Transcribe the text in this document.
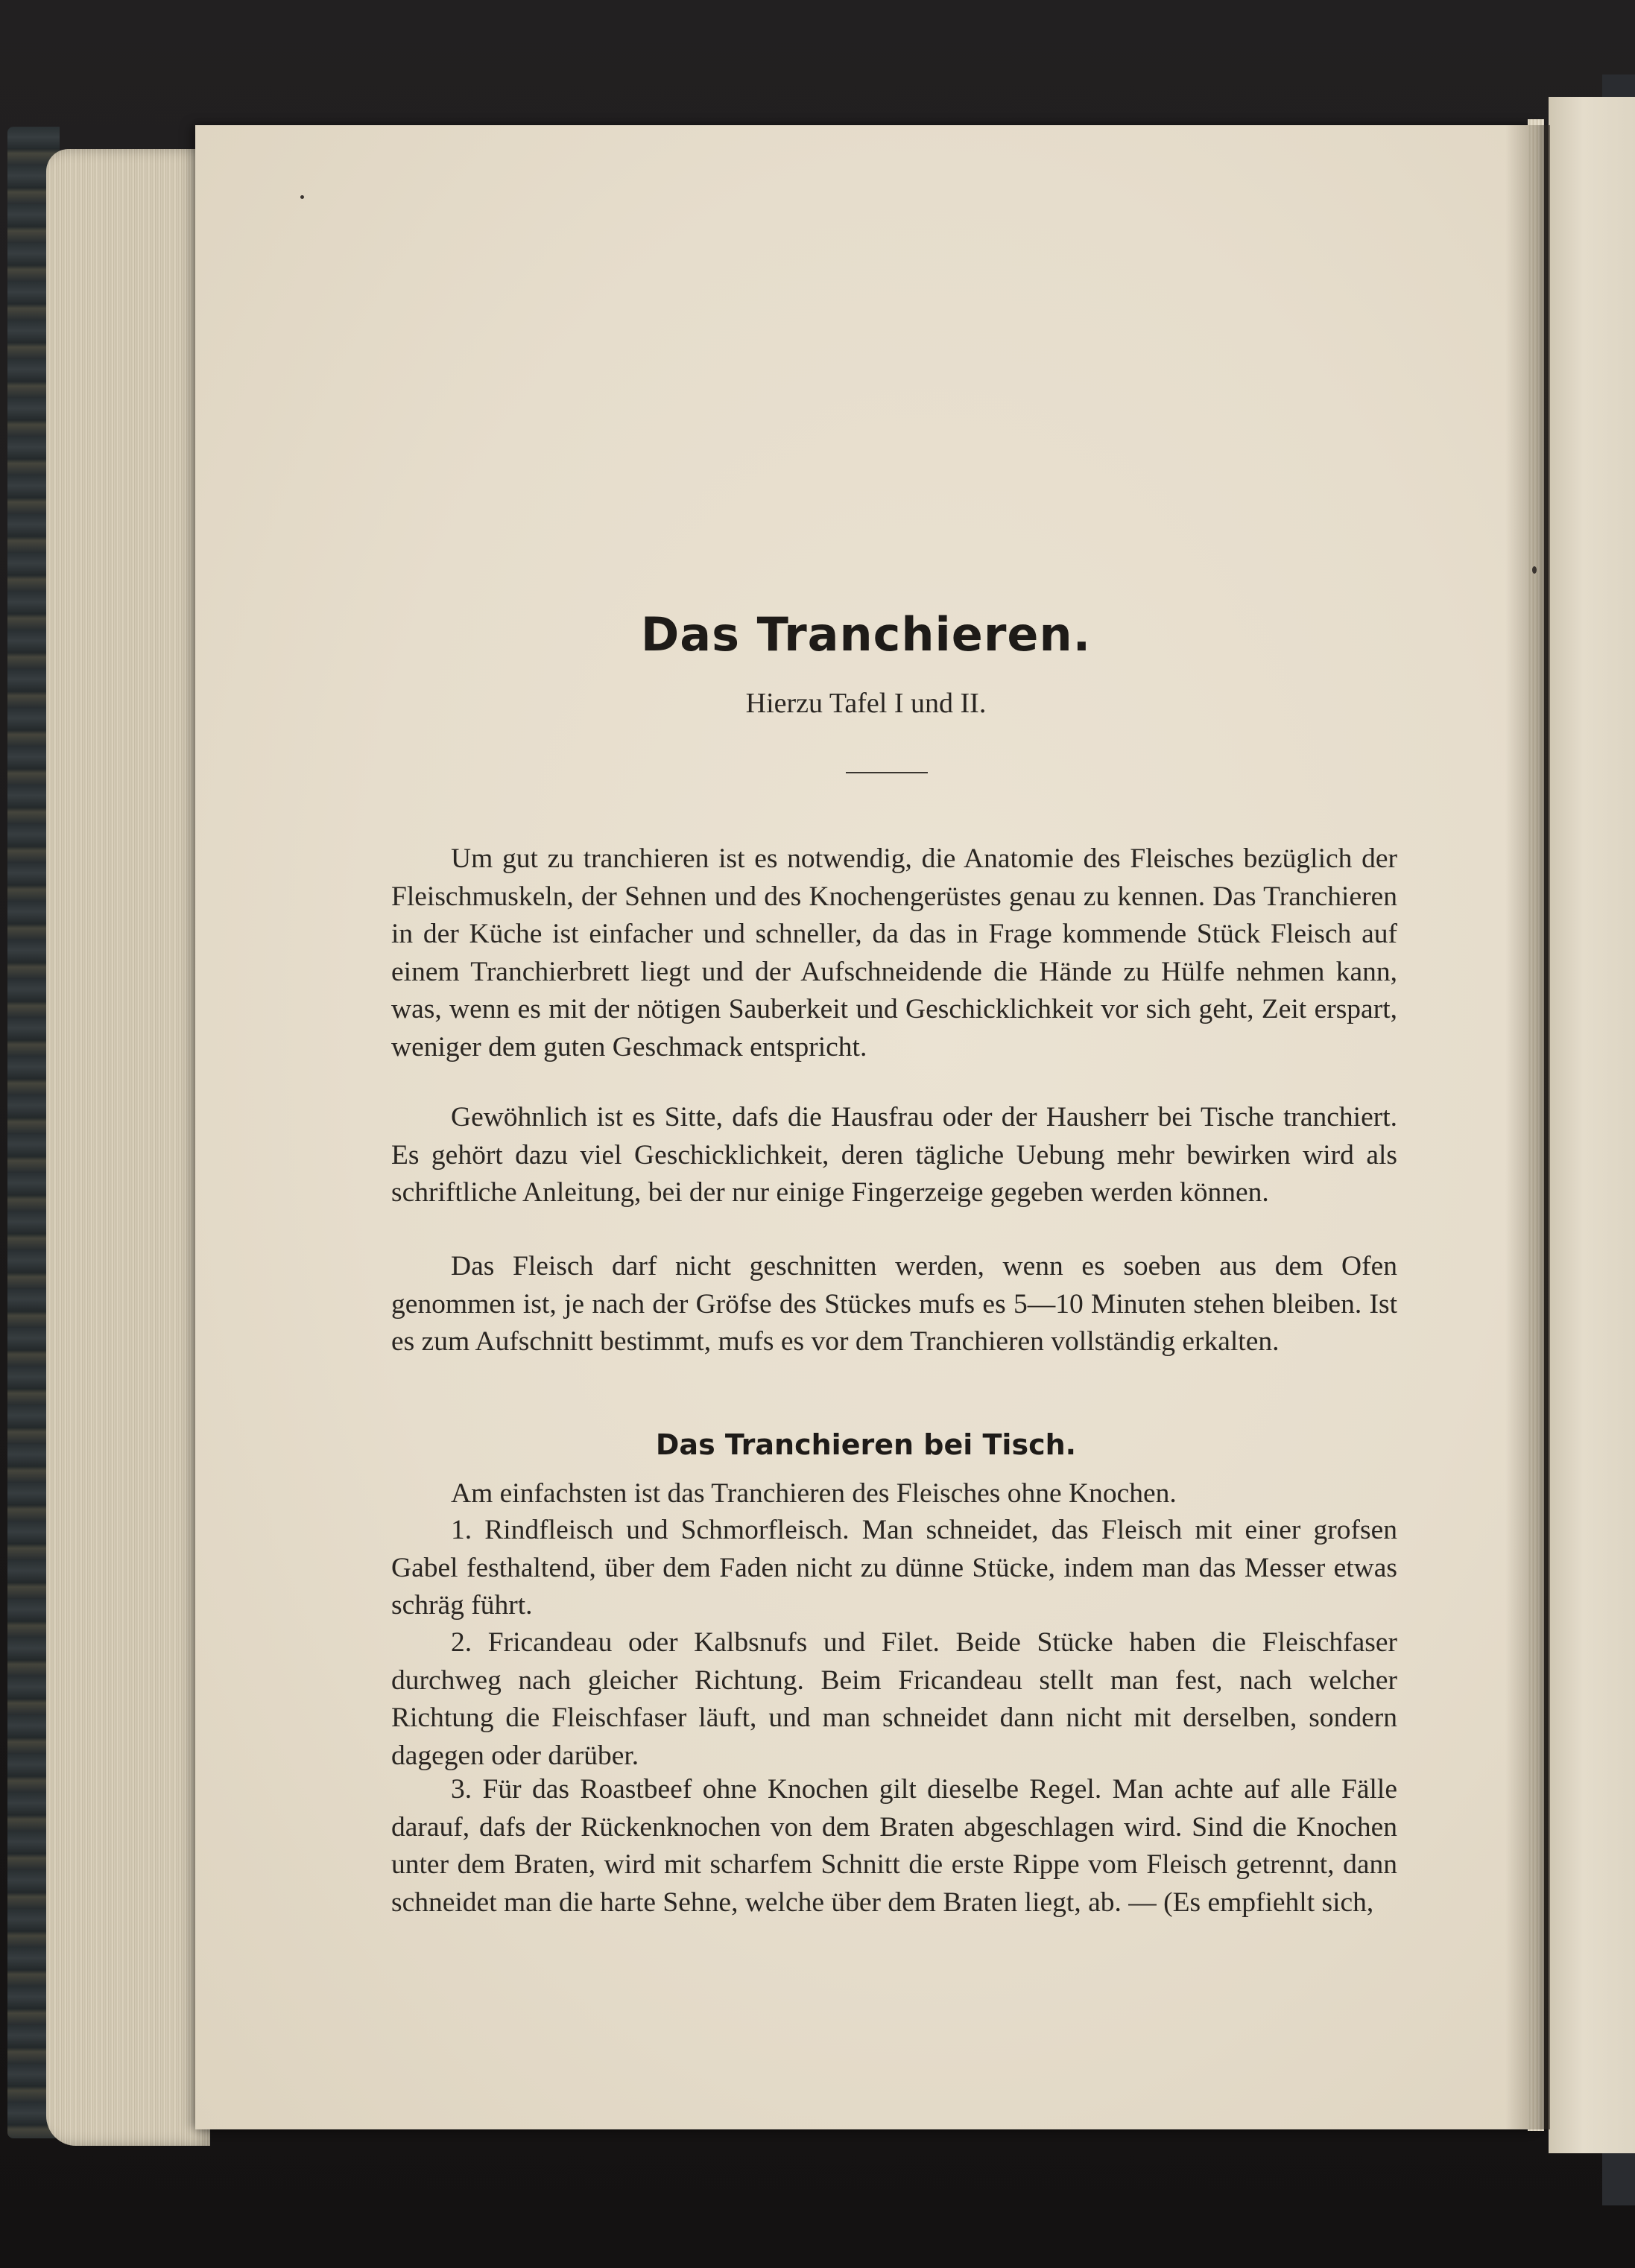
Das Tranchieren.
Hierzu Tafel I und II.

Um gut zu tranchieren ist es notwendig, die Anatomie des Fleisches bezüglich der Fleischmuskeln, der Sehnen und des Knochengerüstes genau zu kennen. Das Tranchieren in der Küche ist einfacher und schneller, da das in Frage kommende Stück Fleisch auf einem Tranchierbrett liegt und der Aufschneidende die Hände zu Hülfe nehmen kann, was, wenn es mit der nötigen Sauberkeit und Geschicklichkeit vor sich geht, Zeit erspart, weniger dem guten Geschmack entspricht.

Gewöhnlich ist es Sitte, dafs die Hausfrau oder der Hausherr bei Tische tranchiert. Es gehört dazu viel Geschicklichkeit, deren tägliche Uebung mehr bewirken wird als schriftliche Anleitung, bei der nur einige Fingerzeige gegeben werden können.

Das Fleisch darf nicht geschnitten werden, wenn es soeben aus dem Ofen genommen ist, je nach der Gröfse des Stückes mufs es 5—10 Minuten stehen bleiben. Ist es zum Aufschnitt bestimmt, mufs es vor dem Tranchieren vollständig erkalten.

Das Tranchieren bei Tisch.

Am einfachsten ist das Tranchieren des Fleisches ohne Knochen.

1. Rindfleisch und Schmorfleisch. Man schneidet, das Fleisch mit einer grofsen Gabel festhaltend, über dem Faden nicht zu dünne Stücke, indem man das Messer etwas schräg führt.

2. Fricandeau oder Kalbsnufs und Filet. Beide Stücke haben die Fleischfaser durchweg nach gleicher Richtung. Beim Fricandeau stellt man fest, nach welcher Richtung die Fleischfaser läuft, und man schneidet dann nicht mit derselben, sondern dagegen oder darüber.

3. Für das Roastbeef ohne Knochen gilt dieselbe Regel. Man achte auf alle Fälle darauf, dafs der Rückenknochen von dem Braten abgeschlagen wird. Sind die Knochen unter dem Braten, wird mit scharfem Schnitt die erste Rippe vom Fleisch getrennt, dann schneidet man die harte Sehne, welche über dem Braten liegt, ab. — (Es empfiehlt sich,
